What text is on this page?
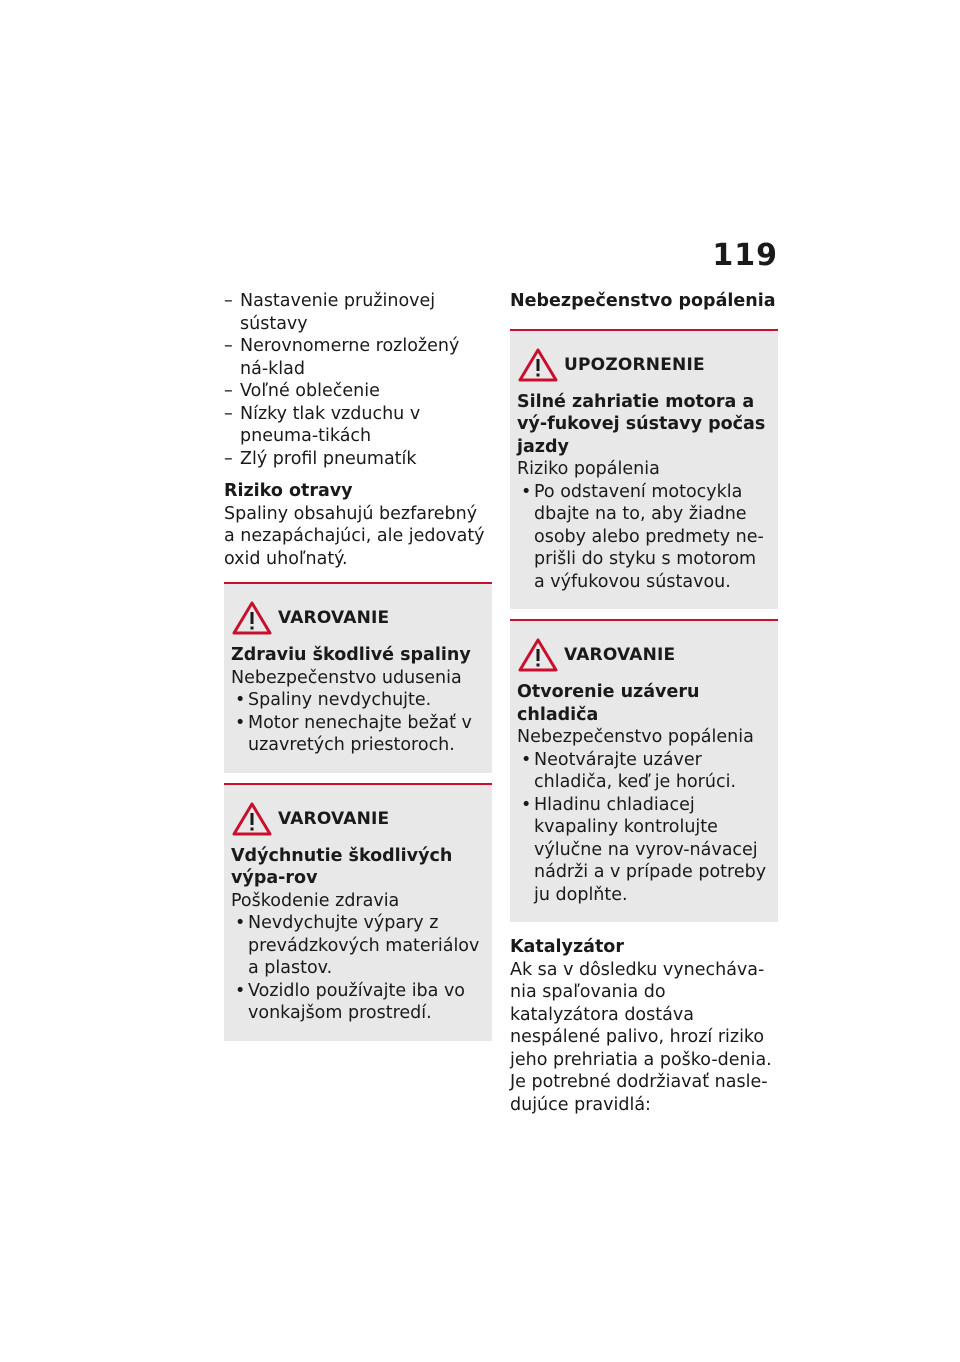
119
– Nastavenie pružinovej sústavy
– Nerovnomerne rozložený ná-klad
– Voľné oblečenie
– Nízky tlak vzduchu v pneuma-tikách
– Zlý profil pneumatík
Riziko otravy
Spaliny obsahujú bezfarebný a nezapáchajúci, ale jedovatý oxid uhoľnatý.
VAROVANIE
Zdraviu škodlivé spaliny
Nebezpečenstvo udusenia
• Spaliny nevdychujte.
• Motor nenechajte bežať v uzavretých priestoroch.
VAROVANIE
Vdýchnutie škodlivých výpa-rov
Poškodenie zdravia
• Nevdychujte výpary z prevádzkových materiálov a plastov.
• Vozidlo používajte iba vo vonkajšom prostredí.
Nebezpečenstvo popálenia
UPOZORNENIE
Silné zahriatie motora a vý-fukovej sústavy počas jazdy
Riziko popálenia
• Po odstavení motocykla dbajte na to, aby žiadne osoby alebo predmety ne-prišli do styku s motorom a výfukovou sústavou.
VAROVANIE
Otvorenie uzáveru chladiča
Nebezpečenstvo popálenia
• Neotvárajte uzáver chladiča, keď je horúci.
• Hladinu chladiacej kvapaliny kontrolujte výlučne na vyrov-návacej nádrži a v prípade potreby ju doplňte.
Katalyzátor
Ak sa v dôsledku vynecháva-nia spaľovania do katalyzátora dostáva nespálené palivo, hrozí riziko jeho prehriatia a poško-denia.
Je potrebné dodržiavať nasle-dujúce pravidlá:
